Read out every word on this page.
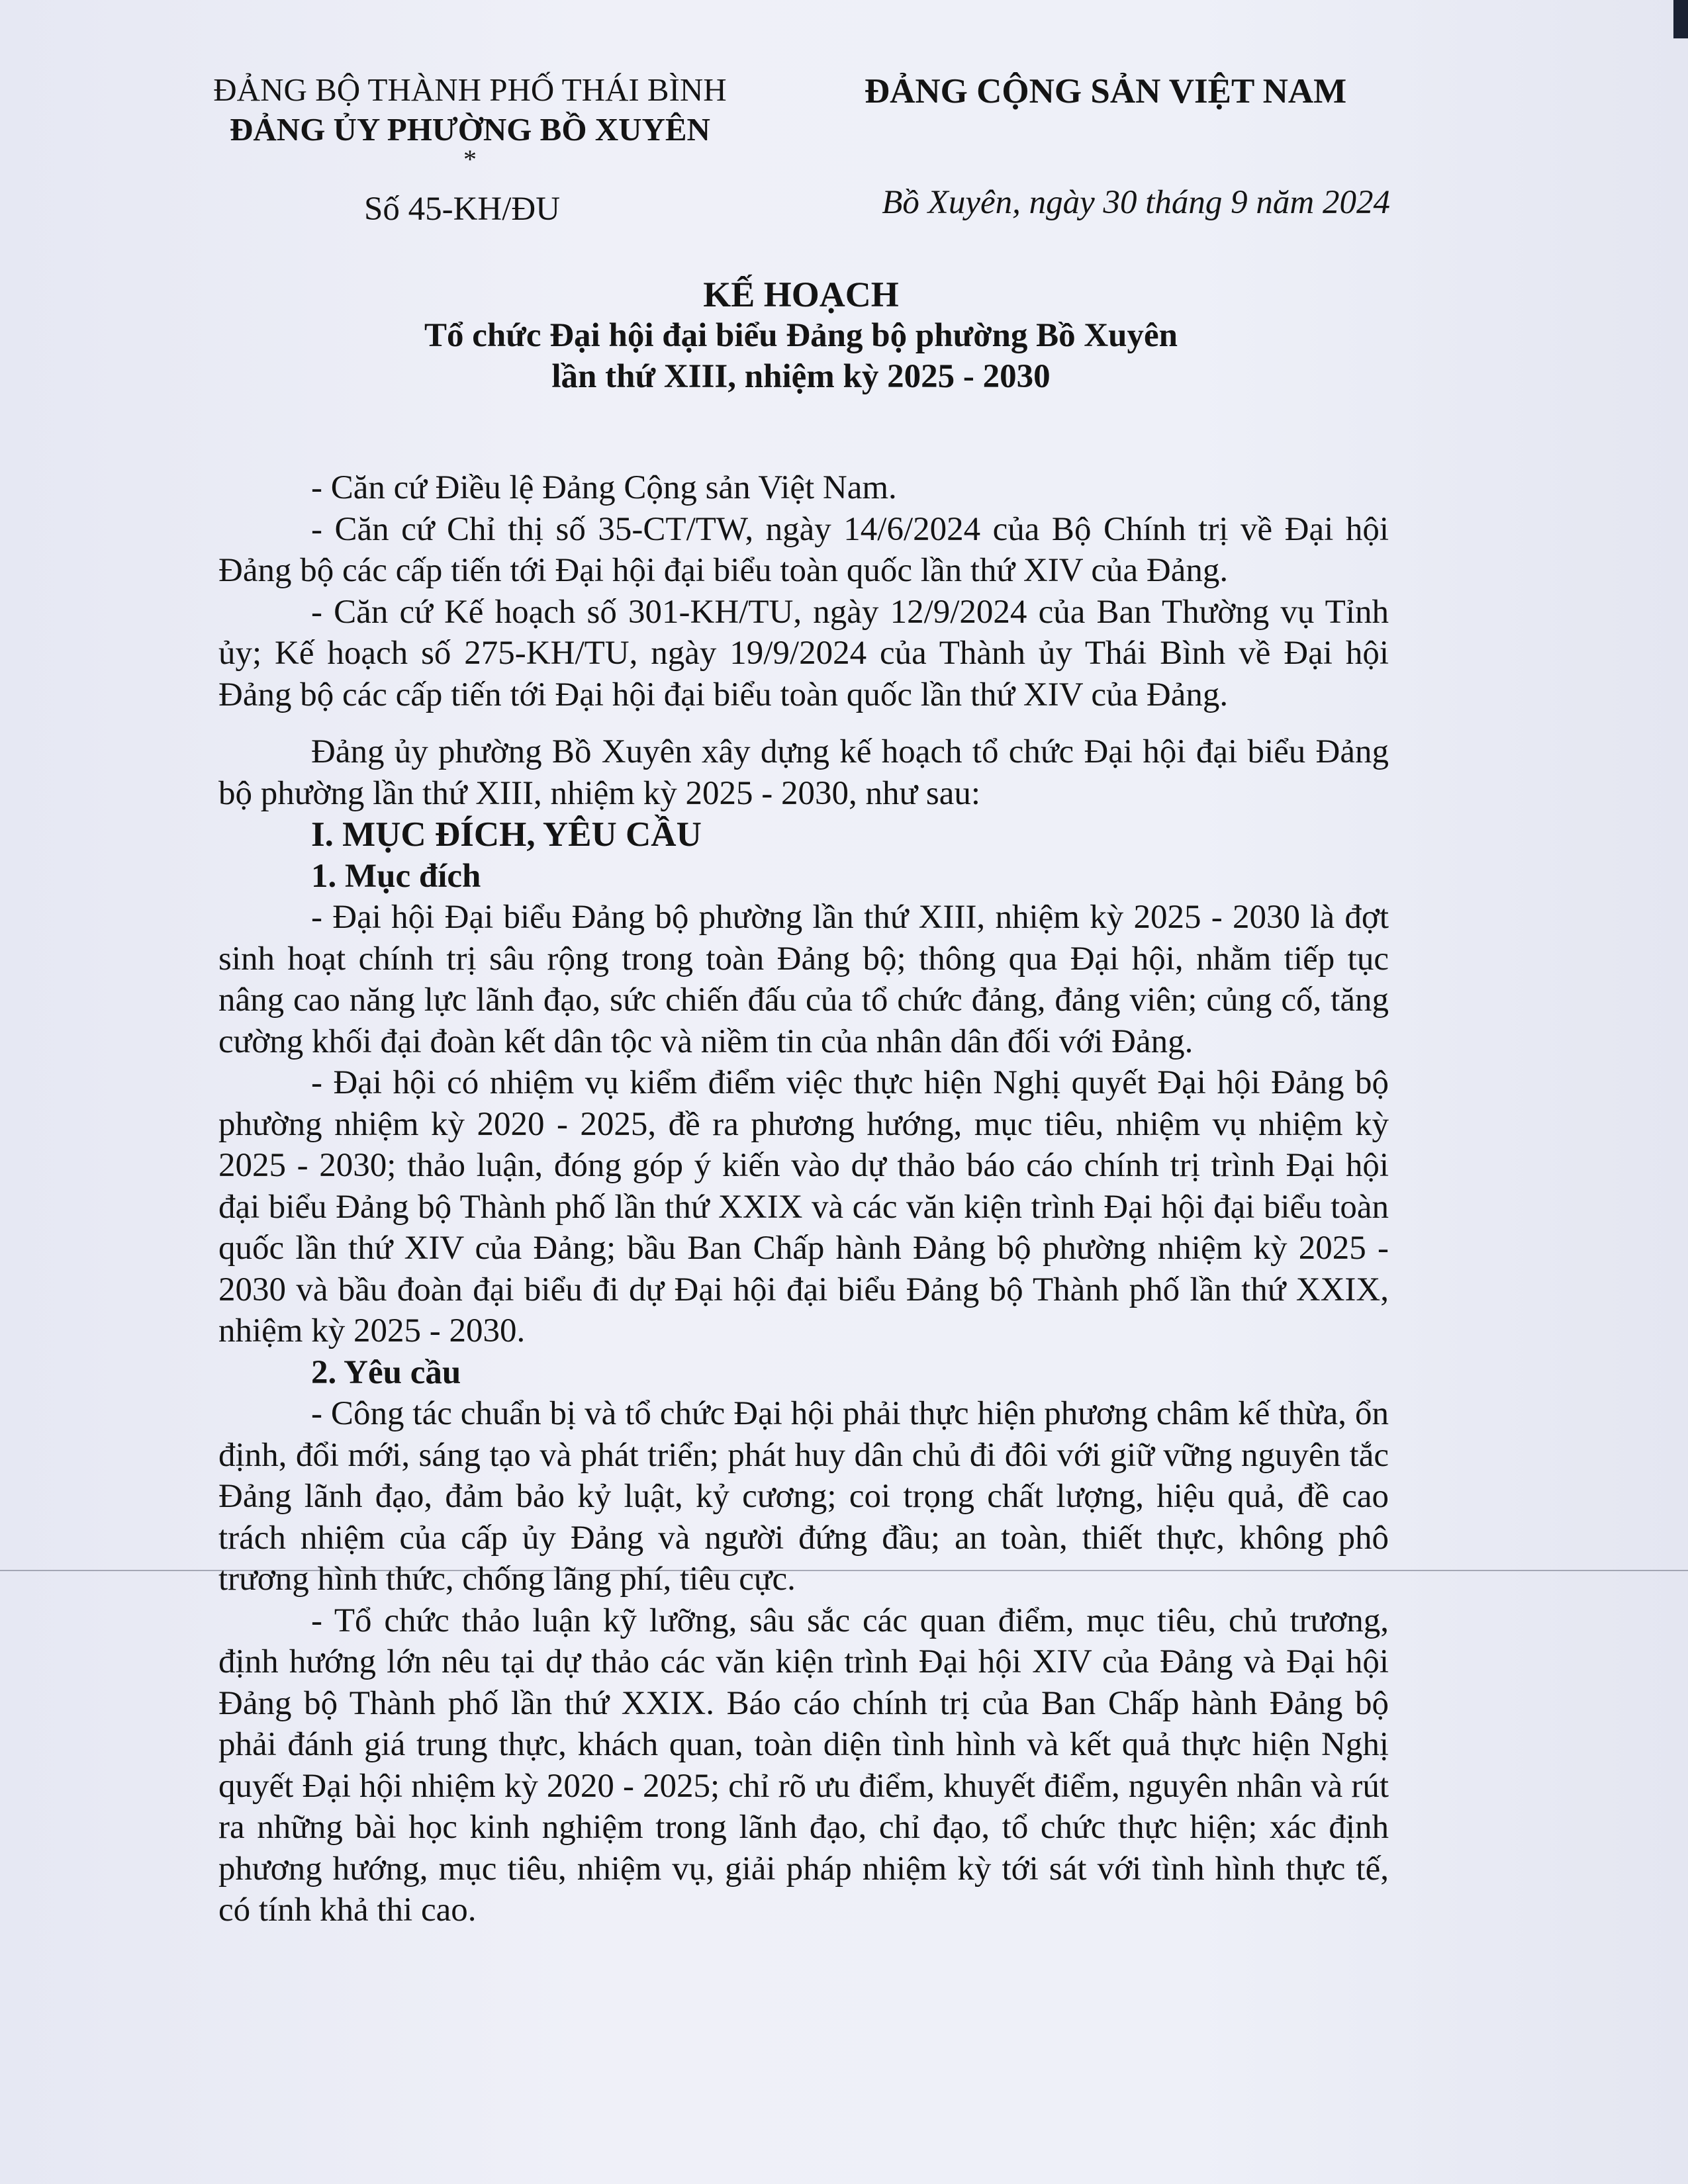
ĐẢNG BỘ THÀNH PHỐ THÁI BÌNH
ĐẢNG ỦY PHƯỜNG BỒ XUYÊN
*
Số 45-KH/ĐU
ĐẢNG CỘNG SẢN VIỆT NAM
Bồ Xuyên, ngày 30 tháng 9 năm 2024
KẾ HOẠCH
Tổ chức Đại hội đại biểu Đảng bộ phường Bồ Xuyên
lần thứ XIII, nhiệm kỳ 2025 - 2030

- Căn cứ Điều lệ Đảng Cộng sản Việt Nam.

- Căn cứ Chỉ thị số 35-CT/TW, ngày 14/6/2024 của Bộ Chính trị về Đại hội Đảng bộ các cấp tiến tới Đại hội đại biểu toàn quốc lần thứ XIV của Đảng.

- Căn cứ Kế hoạch số 301-KH/TU, ngày 12/9/2024 của Ban Thường vụ Tỉnh ủy; Kế hoạch số 275-KH/TU, ngày 19/9/2024 của Thành ủy Thái Bình về Đại hội Đảng bộ các cấp tiến tới Đại hội đại biểu toàn quốc lần thứ XIV của Đảng.

Đảng ủy phường Bồ Xuyên xây dựng kế hoạch tổ chức Đại hội đại biểu Đảng bộ phường lần thứ XIII, nhiệm kỳ 2025 - 2030, như sau:

I. MỤC ĐÍCH, YÊU CẦU

1. Mục đích

- Đại hội Đại biểu Đảng bộ phường lần thứ XIII, nhiệm kỳ 2025 - 2030 là đợt sinh hoạt chính trị sâu rộng trong toàn Đảng bộ; thông qua Đại hội, nhằm tiếp tục nâng cao năng lực lãnh đạo, sức chiến đấu của tổ chức đảng, đảng viên; củng cố, tăng cường khối đại đoàn kết dân tộc và niềm tin của nhân dân đối với Đảng.

- Đại hội có nhiệm vụ kiểm điểm việc thực hiện Nghị quyết Đại hội Đảng bộ phường nhiệm kỳ 2020 - 2025, đề ra phương hướng, mục tiêu, nhiệm vụ nhiệm kỳ 2025 - 2030; thảo luận, đóng góp ý kiến vào dự thảo báo cáo chính trị trình Đại hội đại biểu Đảng bộ Thành phố lần thứ XXIX và các văn kiện trình Đại hội đại biểu toàn quốc lần thứ XIV của Đảng; bầu Ban Chấp hành Đảng bộ phường nhiệm kỳ 2025 - 2030 và bầu đoàn đại biểu đi dự Đại hội đại biểu Đảng bộ Thành phố lần thứ XXIX, nhiệm kỳ 2025 - 2030.

2. Yêu cầu

- Công tác chuẩn bị và tổ chức Đại hội phải thực hiện phương châm kế thừa, ổn định, đổi mới, sáng tạo và phát triển; phát huy dân chủ đi đôi với giữ vững nguyên tắc Đảng lãnh đạo, đảm bảo kỷ luật, kỷ cương; coi trọng chất lượng, hiệu quả, đề cao trách nhiệm của cấp ủy Đảng và người đứng đầu; an toàn, thiết thực, không phô trương hình thức, chống lãng phí, tiêu cực.

- Tổ chức thảo luận kỹ lưỡng, sâu sắc các quan điểm, mục tiêu, chủ trương, định hướng lớn nêu tại dự thảo các văn kiện trình Đại hội XIV của Đảng và Đại hội Đảng bộ Thành phố lần thứ XXIX. Báo cáo chính trị của Ban Chấp hành Đảng bộ phải đánh giá trung thực, khách quan, toàn diện tình hình và kết quả thực hiện Nghị quyết Đại hội nhiệm kỳ 2020 - 2025; chỉ rõ ưu điểm, khuyết điểm, nguyên nhân và rút ra những bài học kinh nghiệm trong lãnh đạo, chỉ đạo, tổ chức thực hiện; xác định phương hướng, mục tiêu, nhiệm vụ, giải pháp nhiệm kỳ tới sát với tình hình thực tế, có tính khả thi cao.
